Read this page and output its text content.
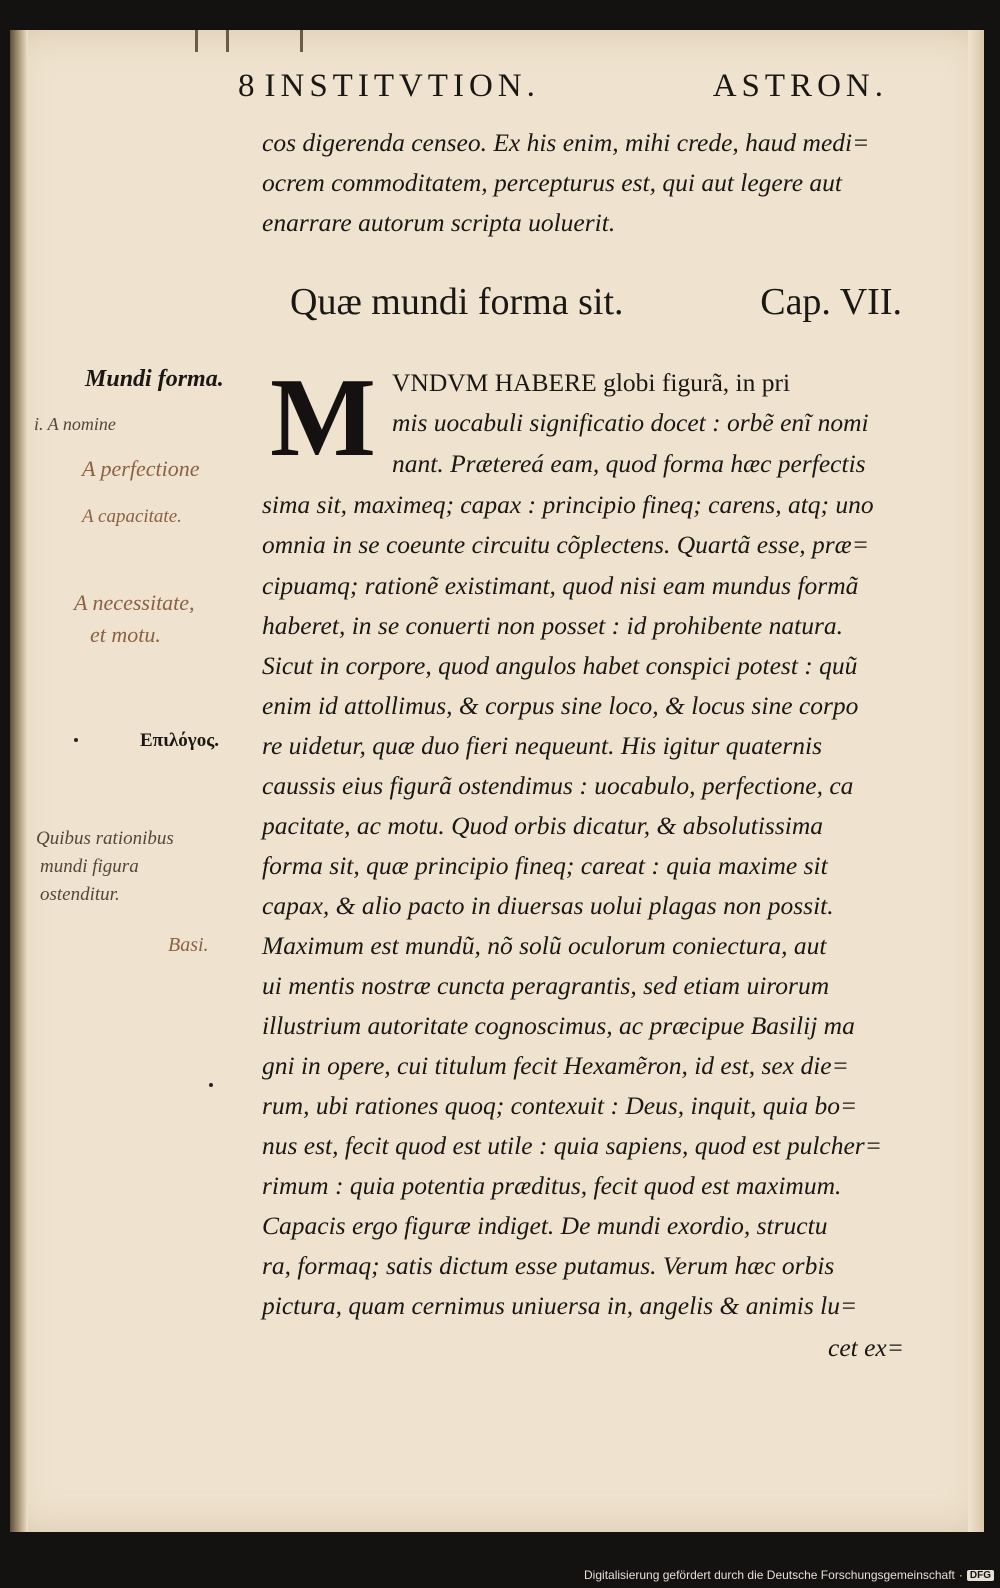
8 INSTITVTION.	ASTRON.
cos digerenda censeo. Ex his enim, mihi crede, haud medi=
ocrem commoditatem, percepturus est, qui aut legere aut
enarrare autorum scripta uoluerit.
Quæ mundi forma sit.	Cap. VII.
Mundi forma.
Επιλόγος.
i. A nomine
A perfectione
A capacitate.
A necessitate,
et motu.
Quibus rationibus
mundi figura
ostenditur.
Basi.
M VNDVM HABERE globi figurã, in pri
mis uocabuli significatio docet : orbẽ enĩ nomi
nant. Prætereá eam, quod forma hæc perfectis
sima sit, maximeq; capax : principio fineq; carens, atq; uno
omnia in se coeunte circuitu cõplectens. Quartã esse, præ=
cipuamq; rationẽ existimant, quod nisi eam mundus formã
haberet, in se conuerti non posset : id prohibente natura.
Sicut in corpore, quod angulos habet conspici potest : quũ
enim id attollimus, & corpus sine loco, & locus sine corpo
re uidetur, quæ duo fieri nequeunt. His igitur quaternis
caussis eius figurã ostendimus : uocabulo, perfectione, ca
pacitate, ac motu. Quod orbis dicatur, & absolutissima
forma sit, quæ principio fineq; careat : quia maxime sit
capax, & alio pacto in diuersas uolui plagas non possit.
Maximum est mundũ, nõ solũ oculorum coniectura, aut
ui mentis nostræ cuncta peragrantis, sed etiam uirorum
illustrium autoritate cognoscimus, ac præcipue Basilij ma
gni in opere, cui titulum fecit Hexamẽron, id est, sex die=
rum, ubi rationes quoq; contexuit : Deus, inquit, quia bo=
nus est, fecit quod est utile : quia sapiens, quod est pulcher=
rimum : quia potentia præditus, fecit quod est maximum.
Capacis ergo figuræ indiget. De mundi exordio, structu
ra, formaq; satis dictum esse putamus. Verum hæc orbis
pictura, quam cernimus uniuersa in, angelis & animis lu=
cet ex=
Digitalisierung gefördert durch die Deutsche Forschungsgemeinschaft · DFG
